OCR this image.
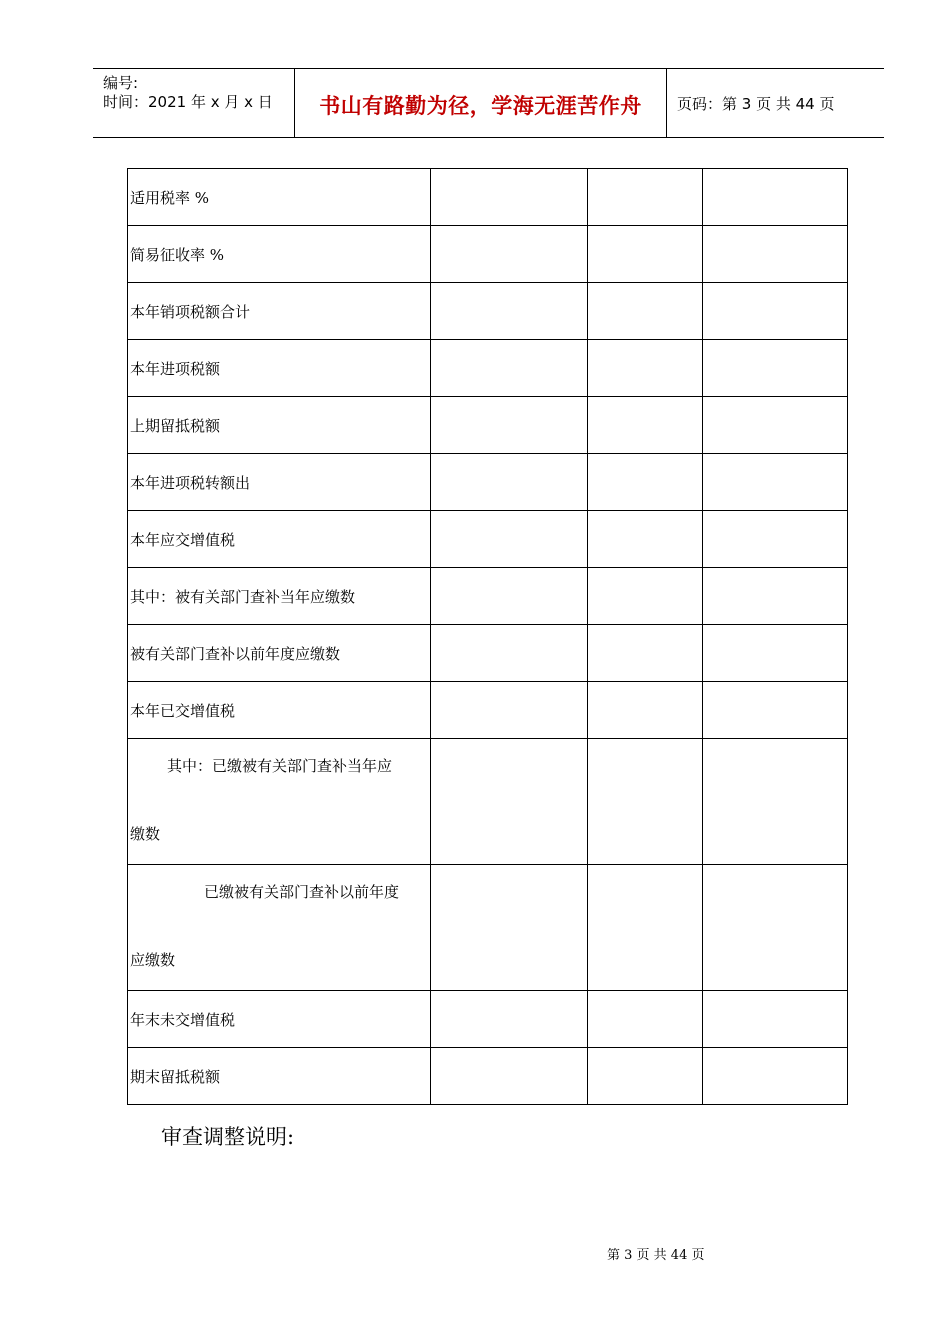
编号:
时间：2021 年 x 月 x 日	书山有路勤为径，学海无涯苦作舟	页码：第 3 页 共 44 页
适用税率 %			
简易征收率 %			
本年销项税额合计			
本年进项税额			
上期留抵税额			
本年进项税转额出			
本年应交增值税			
其中：被有关部门查补当年应缴数			
被有关部门查补以前年度应缴数			
本年已交增值税			

其中：已缴被有关部门查补当年应
缴数			

已缴被有关部门查补以前年度
应缴数			

年末未交增值税			
期末留抵税额			
审查调整说明:
第 3 页 共 44 页
